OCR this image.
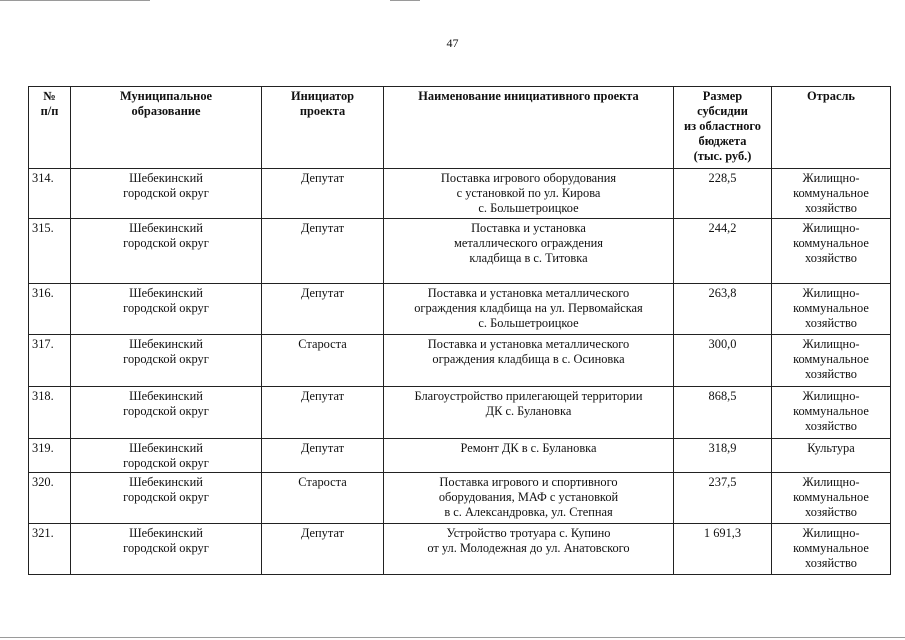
47
№
п/п	Муниципальное
образование	Инициатор
проекта	Наименование инициативного проекта	Размер
субсидии
из областного
бюджета
(тыс. руб.)	Отрасль
314.	Шебекинский
городской округ	Депутат	Поставка игрового оборудования
с установкой по ул. Кирова
с. Большетроицкое	228,5	Жилищно-
коммунальное
хозяйство
315.	Шебекинский
городской округ	Депутат	Поставка и установка
металлического ограждения
кладбища в с. Титовка	244,2	Жилищно-
коммунальное
хозяйство
316.	Шебекинский
городской округ	Депутат	Поставка и установка металлического
ограждения кладбища на ул. Первомайская
с. Большетроицкое	263,8	Жилищно-
коммунальное
хозяйство
317.	Шебекинский
городской округ	Староста	Поставка и установка металлического
ограждения кладбища в с. Осиновка	300,0	Жилищно-
коммунальное
хозяйство
318.	Шебекинский
городской округ	Депутат	Благоустройство прилегающей территории
ДК с. Булановка	868,5	Жилищно-
коммунальное
хозяйство
319.	Шебекинский
городской округ	Депутат	Ремонт ДК в с. Булановка	318,9	Культура
320.	Шебекинский
городской округ	Староста	Поставка игрового и спортивного
оборудования, МАФ с установкой
в с. Александровка, ул. Степная	237,5	Жилищно-
коммунальное
хозяйство
321.	Шебекинский
городской округ	Депутат	Устройство тротуара с. Купино
от ул. Молодежная до ул. Анатовского	1 691,3	Жилищно-
коммунальное
хозяйство
